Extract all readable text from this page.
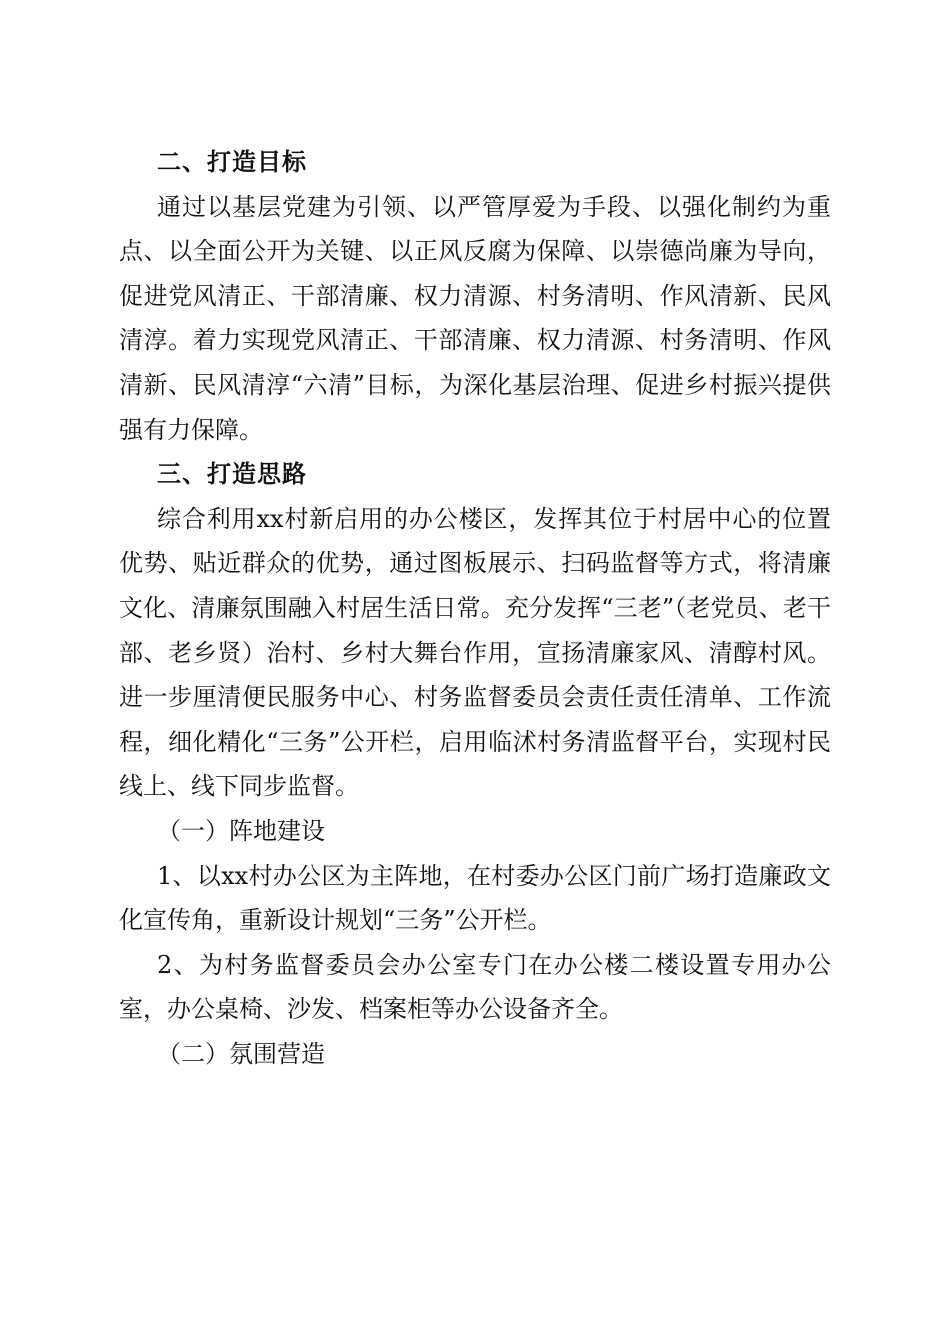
二、打造目标

通过以基层党建为引领、以严管厚爱为手段、以强化制约为重点、以全面公开为关键、以正风反腐为保障、以崇德尚廉为导向，促进党风清正、干部清廉、权力清源、村务清明、作风清新、民风清淳。着力实现党风清正、干部清廉、权力清源、村务清明、作风清新、民风清淳“六清”目标，为深化基层治理、促进乡村振兴提供强有力保障。

三、打造思路

综合利用xx村新启用的办公楼区，发挥其位于村居中心的位置优势、贴近群众的优势，通过图板展示、扫码监督等方式，将清廉文化、清廉氛围融入村居生活日常。充分发挥“三老”（老党员、老干部、老乡贤）治村、乡村大舞台作用，宣扬清廉家风、清醇村风。进一步厘清便民服务中心、村务监督委员会责任责任清单、工作流程，细化精化“三务”公开栏，启用临沭村务清监督平台，实现村民线上、线下同步监督。

（一）阵地建设

1、以xx村办公区为主阵地，在村委办公区门前广场打造廉政文化宣传角，重新设计规划“三务”公开栏。

2、为村务监督委员会办公室专门在办公楼二楼设置专用办公室，办公桌椅、沙发、档案柜等办公设备齐全。

（二）氛围营造
